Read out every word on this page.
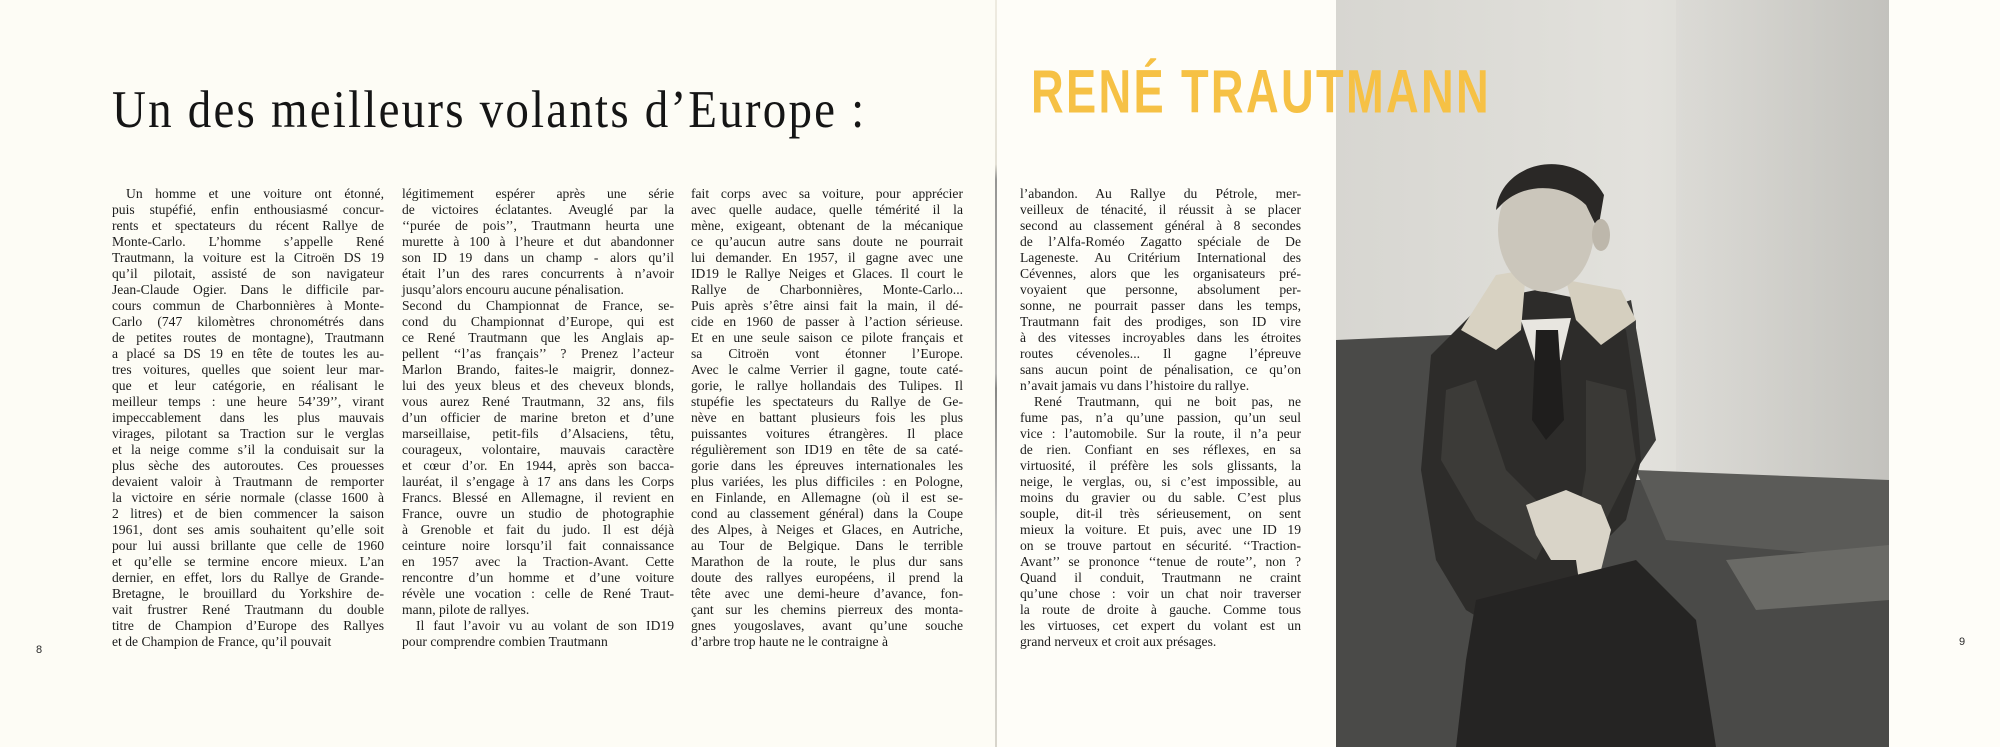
Un des meilleurs volants d’Europe :
Un homme et une voiture ont étonné,
puis stupéfié, enfin enthousiasmé concur-
rents et spectateurs du récent Rallye de
Monte-Carlo. L’homme s’appelle René
Trautmann, la voiture est la Citroën DS 19
qu’il pilotait, assisté de son navigateur
Jean-Claude Ogier. Dans le difficile par-
cours commun de Charbonnières à Monte-
Carlo (747 kilomètres chronométrés dans
de petites routes de montagne), Trautmann
a placé sa DS 19 en tête de toutes les au-
tres voitures, quelles que soient leur mar-
que et leur catégorie, en réalisant le
meilleur temps : une heure 54’39’’, virant
impeccablement dans les plus mauvais
virages, pilotant sa Traction sur le verglas
et la neige comme s’il la conduisait sur la
plus sèche des autoroutes. Ces prouesses
devaient valoir à Trautmann de remporter
la victoire en série normale (classe 1600 à
2 litres) et de bien commencer la saison
1961, dont ses amis souhaitent qu’elle soit
pour lui aussi brillante que celle de 1960
et qu’elle se termine encore mieux. L’an
dernier, en effet, lors du Rallye de Grande-
Bretagne, le brouillard du Yorkshire de-
vait frustrer René Trautmann du double
titre de Champion d’Europe des Rallyes
et de Champion de France, qu’il pouvait
légitimement espérer après une série
de victoires éclatantes. Aveuglé par la
‘‘purée de pois’’, Trautmann heurta une
murette à 100 à l’heure et dut abandonner
son ID 19 dans un champ - alors qu’il
était l’un des rares concurrents à n’avoir
jusqu’alors encouru aucune pénalisation.
Second du Championnat de France, se-
cond du Championnat d’Europe, qui est
ce René Trautmann que les Anglais ap-
pellent ‘‘l’as français’’ ? Prenez l’acteur
Marlon Brando, faites-le maigrir, donnez-
lui des yeux bleus et des cheveux blonds,
vous aurez René Trautmann, 32 ans, fils
d’un officier de marine breton et d’une
marseillaise, petit-fils d’Alsaciens, têtu,
courageux, volontaire, mauvais caractère
et cœur d’or. En 1944, après son bacca-
lauréat, il s’engage à 17 ans dans les Corps
Francs. Blessé en Allemagne, il revient en
France, ouvre un studio de photographie
à Grenoble et fait du judo. Il est déjà
ceinture noire lorsqu’il fait connaissance
en 1957 avec la Traction-Avant. Cette
rencontre d’un homme et d’une voiture
révèle une vocation : celle de René Traut-
mann, pilote de rallyes.
Il faut l’avoir vu au volant de son ID19
pour comprendre combien Trautmann
fait corps avec sa voiture, pour apprécier
avec quelle audace, quelle témérité il la
mène, exigeant, obtenant de la mécanique
ce qu’aucun autre sans doute ne pourrait
lui demander. En 1957, il gagne avec une
ID19 le Rallye Neiges et Glaces. Il court le
Rallye de Charbonnières, Monte-Carlo...
Puis après s’être ainsi fait la main, il dé-
cide en 1960 de passer à l’action sérieuse.
Et en une seule saison ce pilote français et
sa Citroën vont étonner l’Europe.
Avec le calme Verrier il gagne, toute caté-
gorie, le rallye hollandais des Tulipes. Il
stupéfie les spectateurs du Rallye de Ge-
nève en battant plusieurs fois les plus
puissantes voitures étrangères. Il place
régulièrement son ID19 en tête de sa caté-
gorie dans les épreuves internationales les
plus variées, les plus difficiles : en Pologne,
en Finlande, en Allemagne (où il est se-
cond au classement général) dans la Coupe
des Alpes, à Neiges et Glaces, en Autriche,
au Tour de Belgique. Dans le terrible
Marathon de la route, le plus dur sans
doute des rallyes européens, il prend la
tête avec une demi-heure d’avance, fon-
çant sur les chemins pierreux des monta-
gnes yougoslaves, avant qu’une souche
d’arbre trop haute ne le contraigne à
RENÉ TRAUTMANN
l’abandon. Au Rallye du Pétrole, mer-
veilleux de ténacité, il réussit à se placer
second au classement général à 8 secondes
de l’Alfa-Roméo Zagatto spéciale de De
Lageneste. Au Critérium International des
Cévennes, alors que les organisateurs pré-
voyaient que personne, absolument per-
sonne, ne pourrait passer dans les temps,
Trautmann fait des prodiges, son ID vire
à des vitesses incroyables dans les étroites
routes cévenoles... Il gagne l’épreuve
sans aucun point de pénalisation, ce qu’on
n’avait jamais vu dans l’histoire du rallye.
René Trautmann, qui ne boit pas, ne
fume pas, n’a qu’une passion, qu’un seul
vice : l’automobile. Sur la route, il n’a peur
de rien. Confiant en ses réflexes, en sa
virtuosité, il préfère les sols glissants, la
neige, le verglas, ou, si c’est impossible, au
moins du gravier ou du sable. C’est plus
souple, dit-il très sérieusement, on sent
mieux la voiture. Et puis, avec une ID 19
on se trouve partout en sécurité. ‘‘Traction-
Avant’’ se prononce ‘‘tenue de route’’, non ?
Quand il conduit, Trautmann ne craint
qu’une chose : voir un chat noir traverser
la route de droite à gauche. Comme tous
les virtuoses, cet expert du volant est un
grand nerveux et croit aux présages.
8
9
